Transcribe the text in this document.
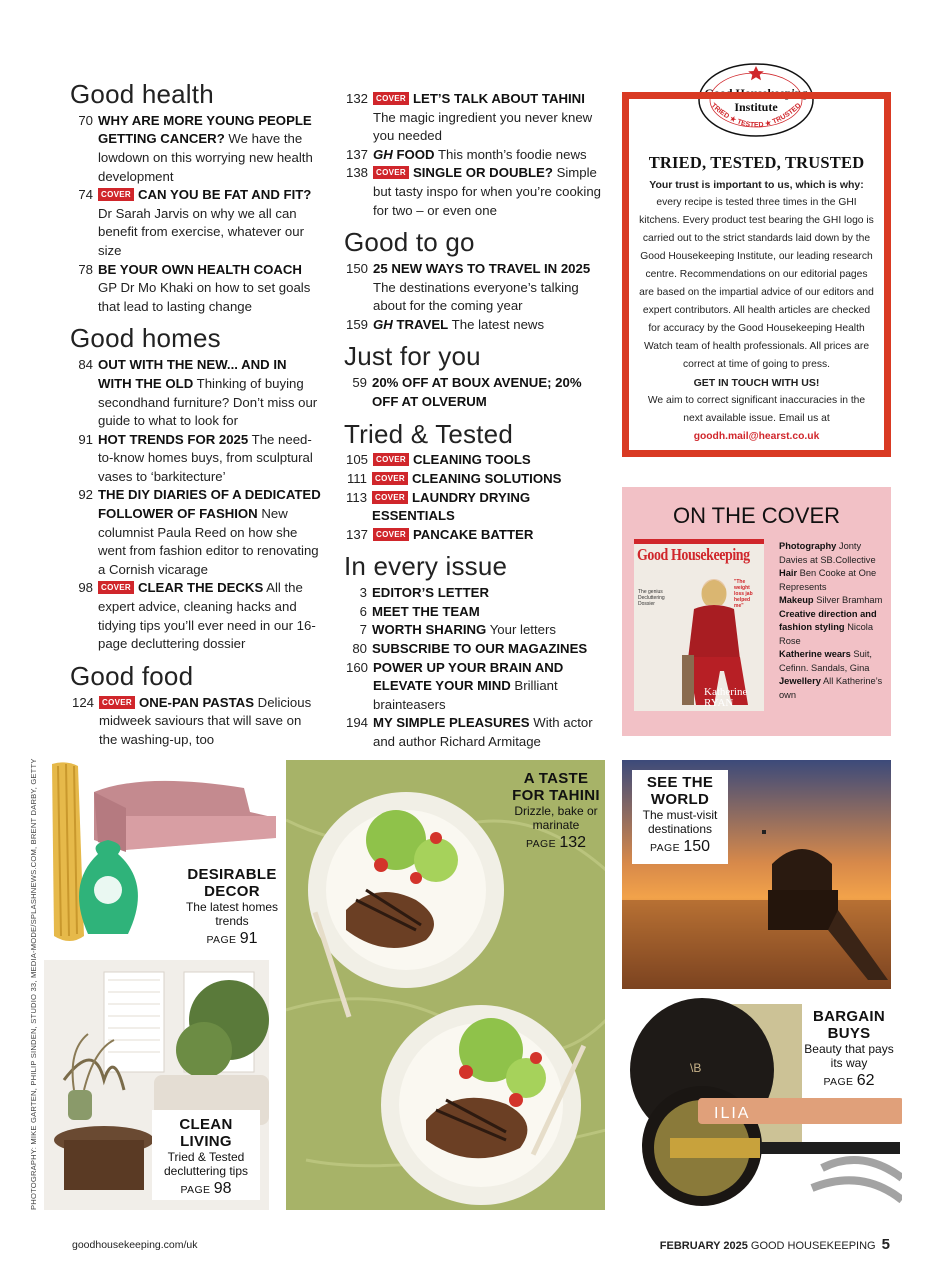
Good health
70 WHY ARE MORE YOUNG PEOPLE GETTING CANCER? We have the lowdown on this worrying new health development
74	COVER CAN YOU BE FAT AND FIT? Dr Sarah Jarvis on why we all can benefit from exercise, whatever our size
78 BE YOUR OWN HEALTH COACH GP Dr Mo Khaki on how to set goals that lead to lasting change
Good homes
84 OUT WITH THE NEW... AND IN WITH THE OLD Thinking of buying secondhand furniture? Don’t miss our guide to what to look for
91 HOT TRENDS FOR 2025 The need-to-know homes buys, from sculptural vases to ‘barkitecture’
92 THE DIY DIARIES OF A DEDICATED FOLLOWER OF FASHION New columnist Paula Reed on how she went from fashion editor to renovating a Cornish vicarage
98	COVER CLEAR THE DECKS All the expert advice, cleaning hacks and tidying tips you’ll ever need in our 16-page decluttering dossier
Good food
124	COVER ONE-PAN PASTAS Delicious midweek saviours that will save on the washing-up, too
132	COVER LET’S TALK ABOUT TAHINI The magic ingredient you never knew you needed
137 GH FOOD This month’s foodie news
138	COVER SINGLE OR DOUBLE? Simple but tasty inspo for when you’re cooking for two – or even one
Good to go
150 25 NEW WAYS TO TRAVEL IN 2025 The destinations everyone’s talking about for the coming year
159 GH TRAVEL The latest news
Just for you
59 20% OFF AT BOUX AVENUE; 20% OFF AT OLVERUM
Tried & Tested
105	COVER CLEANING TOOLS
111	COVER CLEANING SOLUTIONS
113	COVER LAUNDRY DRYING ESSENTIALS
137	COVER PANCAKE BATTER
In every issue
3 EDITOR’S LETTER
6 MEET THE TEAM
7 WORTH SHARING Your letters
80 SUBSCRIBE TO OUR MAGAZINES
160 POWER UP YOUR BRAIN AND ELEVATE YOUR MIND Brilliant brainteasers
194 MY SIMPLE PLEASURES With actor and author Richard Armitage
Good Housekeeping
Institute
TRIED ★ TESTED ★ TRUSTED
TRIED, TESTED, TRUSTED

Your trust is important to us, which is why:

every recipe is tested three times in the GHI kitchens. Every product test bearing the GHI logo is carried out to the strict standards laid down by the Good Housekeeping Institute, our leading research centre. Recommendations on our editorial pages are based on the impartial advice of our editors and expert contributors. All health articles are checked for accuracy by the Good Housekeeping Health Watch team of health professionals. All prices are correct at time of going to press.

GET IN TOUCH WITH US!

We aim to correct significant inaccuracies in the next available issue. Email us at

goodh.mail@hearst.co.uk

ON THE COVER
Good Housekeeping
The genius Decluttering Dossier
"The weight loss jab helped me"
Katherine RYAN
Photography Jonty Davies at SB.Collective
Hair Ben Cooke at One Represents
Makeup Silver Bramham
Creative direction and fashion styling Nicola Rose
Katherine wears Suit, Cefinn. Sandals, Gina
Jewellery All Katherine’s own
DESIRABLE DECOR
The latest homes trends
PAGE 91
A TASTE FOR TAHINI
Drizzle, bake or marinate
PAGE 132
SEE THE WORLD
The must-visit destinations
PAGE 150
CLEAN LIVING
Tried & Tested decluttering tips
PAGE 98
\B
ILIA
BARGAIN BUYS
Beauty that pays its way
PAGE 62
PHOTOGRAPHY: MIKE GARTEN, PHILIP SINDEN, STUDIO 33, MEDIA-MODE/SPLASHNEWS.COM, BRENT DARBY, GETTY
goodhousekeeping.com/uk	FEBRUARY 2025 GOOD HOUSEKEEPING 5
